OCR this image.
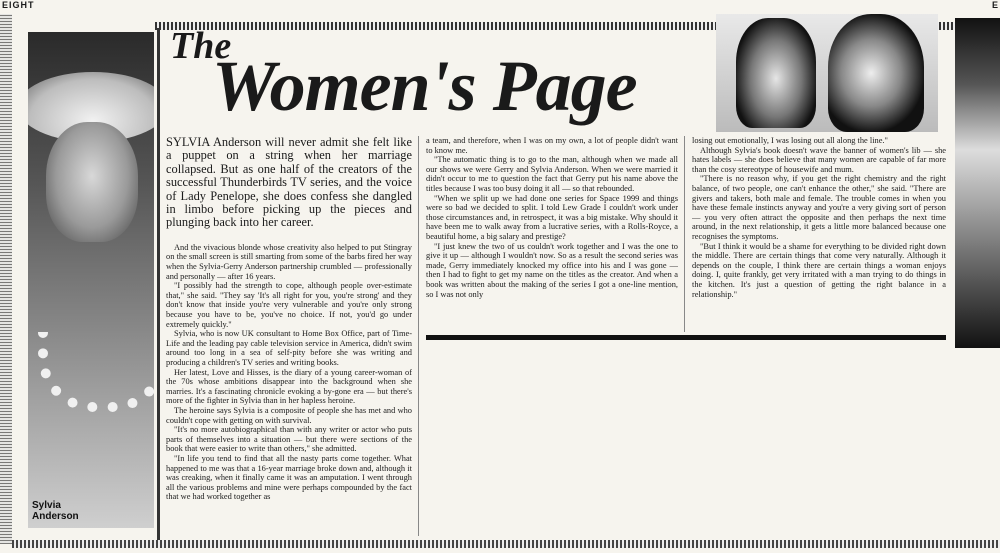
EIGHT	E
Sylvia
Anderson
The
Women's Page

SYLVIA Anderson will never admit she felt like a puppet on a string when her marriage collapsed. But as one half of the creators of the successful Thunderbirds TV series, and the voice of Lady Penelope, she does confess she dangled in limbo before picking up the pieces and plunging back into her career.

And the vivacious blonde whose creativity also helped to put Stingray on the small screen is still smarting from some of the barbs fired her way when the Sylvia-Gerry Anderson partnership crumbled — professionally and personally — after 16 years.

"I possibly had the strength to cope, although people over-estimate that," she said. "They say 'It's all right for you, you're strong' and they don't know that inside you're very vulnerable and you're only strong because you have to be, you've no choice. If not, you'd go under extremely quickly."

Sylvia, who is now UK consultant to Home Box Office, part of Time-Life and the leading pay cable television service in America, didn't swim around too long in a sea of self-pity before she was writing and producing a children's TV series and writing books.

Her latest, Love and Hisses, is the diary of a young career-woman of the 70s whose ambitions disappear into the background when she marries. It's a fascinating chronicle evoking a by-gone era — but there's more of the fighter in Sylvia than in her hapless heroine.

The heroine says Sylvia is a composite of people she has met and who couldn't cope with getting on with survival.

"It's no more autobiographical than with any writer or actor who puts parts of themselves into a situation — but there were sections of the book that were easier to write than others," she admitted.

"In life you tend to find that all the nasty parts come together. What happened to me was that a 16-year marriage broke down and, although it was creaking, when it finally came it was an amputation. I went through all the various problems and mine were perhaps compounded by the fact that we had worked together as

a team, and therefore, when I was on my own, a lot of people didn't want to know me.

"The automatic thing is to go to the man, although when we made all our shows we were Gerry and Sylvia Anderson. When we were married it didn't occur to me to question the fact that Gerry put his name above the titles because I was too busy doing it all — so that rebounded.

"When we split up we had done one series for Space 1999 and things were so bad we decided to split. I told Lew Grade I couldn't work under those circumstances and, in retrospect, it was a big mistake. Why should it have been me to walk away from a lucrative series, with a Rolls-Royce, a beautiful home, a big salary and prestige?

"I just knew the two of us couldn't work together and I was the one to give it up — although I wouldn't now. So as a result the second series was made, Gerry immediately knocked my office into his and I was gone — then I had to fight to get my name on the titles as the creator. And when a book was written about the making of the series I got a one-line mention, so I was not only

losing out emotionally, I was losing out all along the line."

Although Sylvia's book doesn't wave the banner of women's lib — she hates labels — she does believe that many women are capable of far more than the cosy stereotype of housewife and mum.

"There is no reason why, if you get the right chemistry and the right balance, of two people, one can't enhance the other," she said. "There are givers and takers, both male and female. The trouble comes in when you have these female instincts anyway and you're a very giving sort of person — you very often attract the opposite and then perhaps the next time around, in the next relationship, it gets a little more balanced because one recognises the symptoms.

"But I think it would be a shame for everything to be divided right down the middle. There are certain things that come very naturally. Although it depends on the couple, I think there are certain things a woman enjoys doing. I, quite frankly, get very irritated with a man trying to do things in the kitchen. It's just a question of getting the right balance in a relationship."
